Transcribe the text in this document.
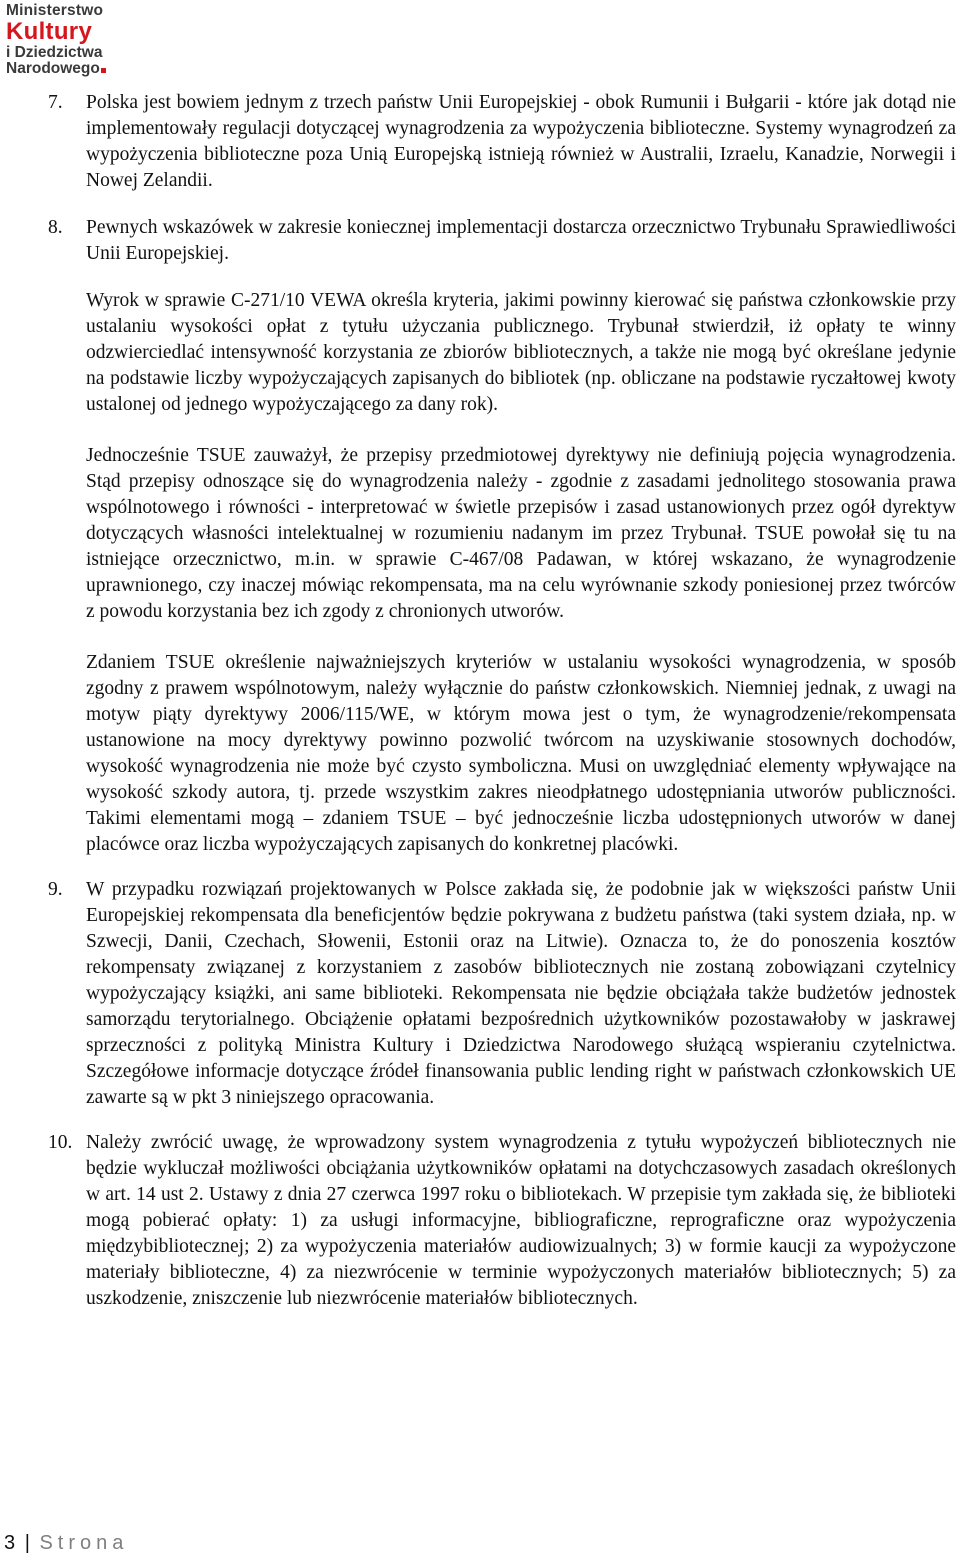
Ministerstwo
Kultury
i Dziedzictwa
Narodowego
7.	Polska jest bowiem jednym z trzech państw Unii Europejskiej - obok Rumunii i Bułgarii - które jak dotąd nie implementowały regulacji dotyczącej wynagrodzenia za wypożyczenia biblioteczne. Systemy wynagrodzeń za wypożyczenia biblioteczne poza Unią Europejską istnieją również w Australii, Izraelu, Kanadzie, Norwegii i Nowej Zelandii.

8.	Pewnych wskazówek w zakresie koniecznej implementacji dostarcza orzecznictwo Trybunału Sprawiedliwości Unii Europejskiej.

Wyrok w sprawie C-271/10 VEWA określa kryteria, jakimi powinny kierować się państwa członkowskie przy ustalaniu wysokości opłat z tytułu użyczania publicznego. Trybunał stwierdził, iż opłaty te winny odzwierciedlać intensywność korzystania ze zbiorów bibliotecznych, a także nie mogą być określane jedynie na podstawie liczby wypożyczających zapisanych do bibliotek (np. obliczane na podstawie ryczałtowej kwoty ustalonej od jednego wypożyczającego za dany rok).

Jednocześnie TSUE zauważył, że przepisy przedmiotowej dyrektywy nie definiują pojęcia wynagrodzenia. Stąd przepisy odnoszące się do wynagrodzenia należy - zgodnie z zasadami jednolitego stosowania prawa wspólnotowego i równości - interpretować w świetle przepisów i zasad ustanowionych przez ogół dyrektyw dotyczących własności intelektualnej w rozumieniu nadanym im przez Trybunał. TSUE powołał się tu na istniejące orzecznictwo, m.in. w sprawie C-467/08 Padawan, w której wskazano, że wynagrodzenie uprawnionego, czy inaczej mówiąc rekompensata, ma na celu wyrównanie szkody poniesionej przez twórców z powodu korzystania bez ich zgody z chronionych utworów.

Zdaniem TSUE określenie najważniejszych kryteriów w ustalaniu wysokości wynagrodzenia, w sposób zgodny z prawem wspólnotowym, należy wyłącznie do państw członkowskich. Niemniej jednak, z uwagi na motyw piąty dyrektywy 2006/115/WE, w którym mowa jest o tym, że wynagrodzenie/rekompensata ustanowione na mocy dyrektywy powinno pozwolić twórcom na uzyskiwanie stosownych dochodów, wysokość wynagrodzenia nie może być czysto symboliczna. Musi on uwzględniać elementy wpływające na wysokość szkody autora, tj. przede wszystkim zakres nieodpłatnego udostępniania utworów publiczności. Takimi elementami mogą – zdaniem TSUE – być jednocześnie liczba udostępnionych utworów w danej placówce oraz liczba wypożyczających zapisanych do konkretnej placówki.

9.	W przypadku rozwiązań projektowanych w Polsce zakłada się, że podobnie jak w większości państw Unii Europejskiej rekompensata dla beneficjentów będzie pokrywana z budżetu państwa (taki system działa, np. w Szwecji, Danii, Czechach, Słowenii, Estonii oraz na Litwie). Oznacza to, że do ponoszenia kosztów rekompensaty związanej z korzystaniem z zasobów bibliotecznych nie zostaną zobowiązani czytelnicy wypożyczający książki, ani same biblioteki. Rekompensata nie będzie obciążała także budżetów jednostek samorządu terytorialnego. Obciążenie opłatami bezpośrednich użytkowników pozostawałoby w jaskrawej sprzeczności z polityką Ministra Kultury i Dziedzictwa Narodowego służącą wspieraniu czytelnictwa. Szczegółowe informacje dotyczące źródeł finansowania public lending right w państwach członkowskich UE zawarte są w pkt 3 niniejszego opracowania.

10. Należy zwrócić uwagę, że wprowadzony system wynagrodzenia z tytułu wypożyczeń bibliotecznych nie będzie wykluczał możliwości obciążania użytkowników opłatami na dotychczasowych zasadach określonych w art. 14 ust 2. Ustawy z dnia 27 czerwca 1997 roku o bibliotekach. W przepisie tym zakłada się, że biblioteki mogą pobierać opłaty: 1) za usługi informacyjne, bibliograficzne, reprograficzne oraz wypożyczenia międzybibliotecznej; 2) za wypożyczenia materiałów audiowizualnych; 3) w formie kaucji za wypożyczone materiały biblioteczne, 4) za niezwrócenie w terminie wypożyczonych materiałów bibliotecznych; 5) za uszkodzenie, zniszczenie lub niezwrócenie materiałów bibliotecznych.

3 | Strona
